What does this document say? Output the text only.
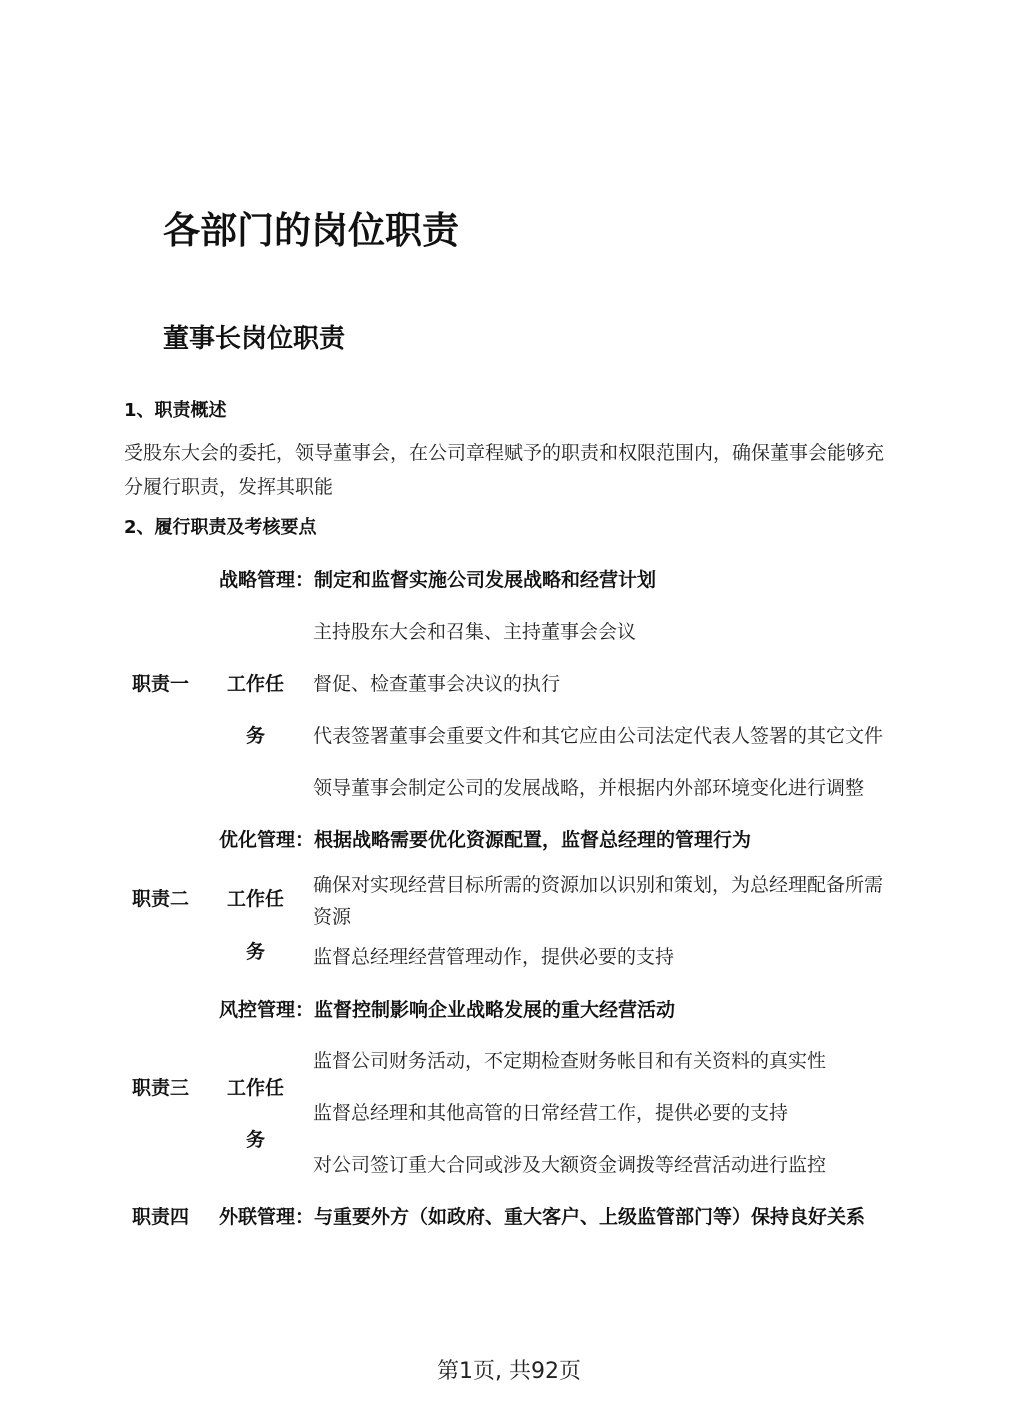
各部门的岗位职责
董事长岗位职责
1、职责概述
受股东大会的委托，领导董事会，在公司章程赋予的职责和权限范围内，确保董事会能够充
分履行职责，发挥其职能
2、履行职责及考核要点
战略管理：制定和监督实施公司发展战略和经营计划
主持股东大会和召集、主持董事会会议
职责一 工作任 督促、检查董事会决议的执行
务	代表签署董事会重要文件和其它应由公司法定代表人签署的其它文件
领导董事会制定公司的发展战略，并根据内外部环境变化进行调整
优化管理：根据战略需要优化资源配置，监督总经理的管理行为
确保对实现经营目标所需的资源加以识别和策划，为总经理配备所需
职责二 工作任
资源
务	监督总经理经营管理动作，提供必要的支持
风控管理：监督控制影响企业战略发展的重大经营活动
监督公司财务活动，不定期检查财务帐目和有关资料的真实性
职责三 工作任
监督总经理和其他高管的日常经营工作，提供必要的支持
务
对公司签订重大合同或涉及大额资金调拨等经营活动进行监控
职责四 外联管理：与重要外方（如政府、重大客户、上级监管部门等）保持良好关系
第1页, 共92页
